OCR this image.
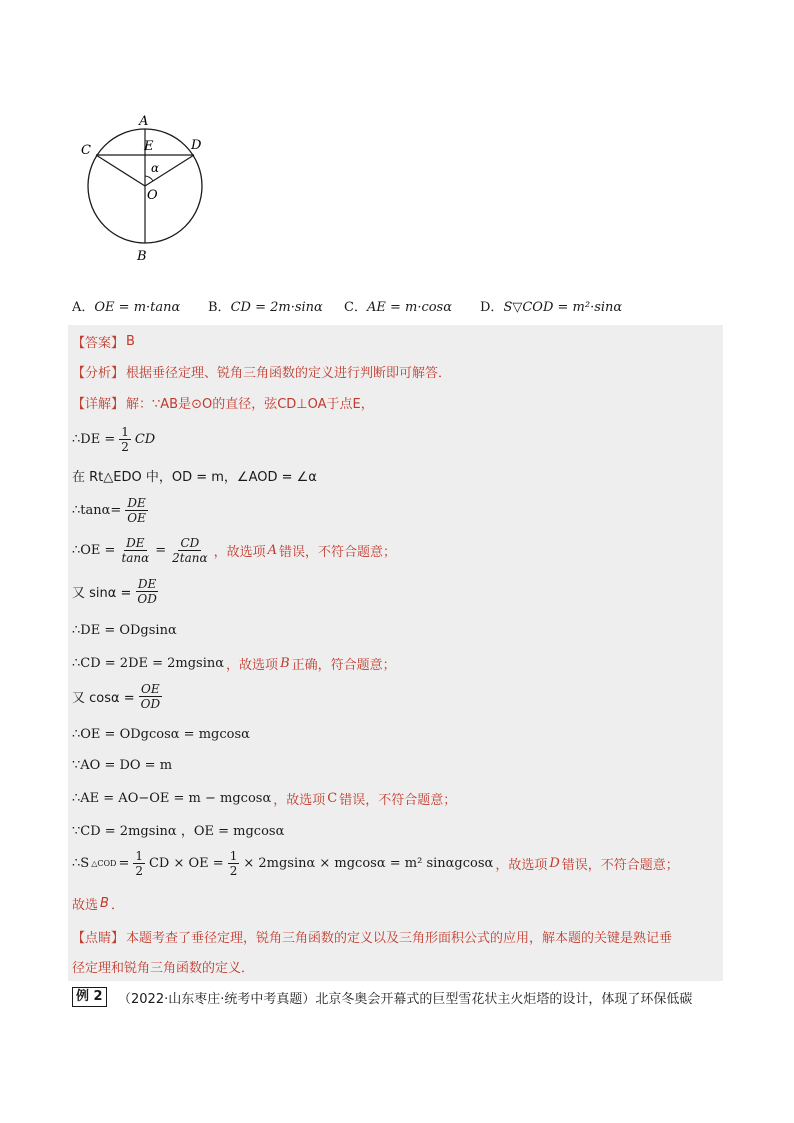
A
B
C	D
E
O
α
A．OE = m·tanα	B．CD = 2m·sinα	C．AE = m·cosα	D．S▽COD = m²·sinα
【答案】 B
【分析】 根据垂径定理、锐角三角函数的定义进行判断即可解答．
【详解】 解：∵AB是⊙O的直径，弦CD⊥OA于点E，
∴DE = $\frac{1}{2}$ CD
在 Rt△EDO 中，OD = m，∠AOD = ∠α
∴tanα= $\frac{DE}{OE}$
∴OE = $\frac{DE}{\tan\alpha} = \frac{CD}{2\tan\alpha}$ ，故选项 A 错误，不符合题意；
又 $\sin\alpha = \frac{DE}{OD}$
∴DE = ODgsinα
∴CD = 2DE = 2mgsinα ，故选项 B 正确，符合题意；
又 $\cos\alpha = \frac{OE}{OD}$
∴OE = ODgcosα = mgcosα
∵AO = DO = m
∴AE = AO−OE = m − mgcosα ，故选项 C 错误，不符合题意；
∵CD = 2mgsinα ，OE = mgcosα
∴S △COD = $\frac{1}{2}$ CD × OE = $\frac{1}{2} \times 2mgsin\alpha \times mgcos\alpha = m^2$ sinαgcosα ，故选项 D 错误，不符合题意；
故选 B ．
【点睛】 本题考查了垂径定理，锐角三角函数的定义以及三角形面积公式的应用，解本题的关键是熟记垂
径定理和锐角三角函数的定义．
例 2	（2022·山东枣庄·统考中考真题）北京冬奥会开幕式的巨型雪花状主火炬塔的设计，体现了环保低碳
